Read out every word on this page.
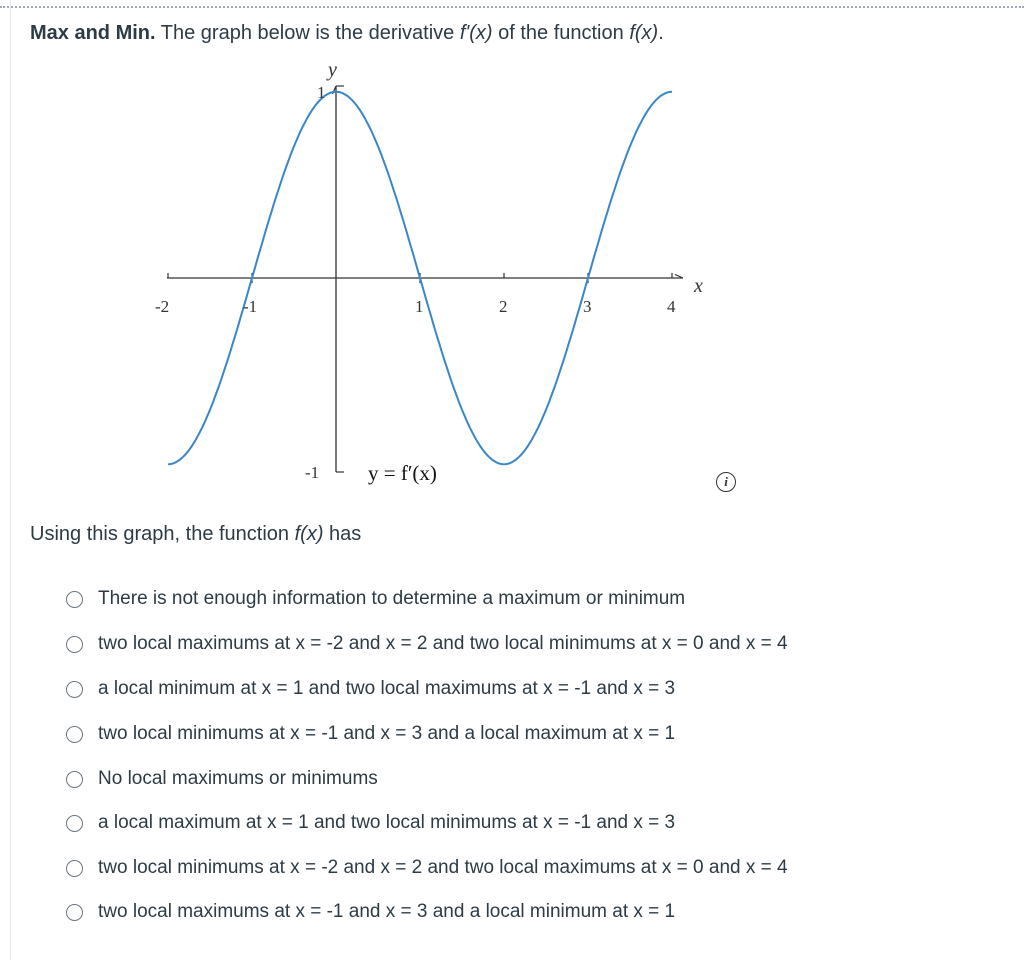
Max and Min. The graph below is the derivative f'(x) of the function f(x).
y
x
-2	-1	1	2	3	4
1
-1 y = f′(x)	i
Using this graph, the function f(x) has
There is not enough information to determine a maximum or minimum
two local maximums at x = -2 and x = 2 and two local minimums at x = 0 and x = 4
a local minimum at x = 1 and two local maximums at x = -1 and x = 3
two local minimums at x = -1 and x = 3 and a local maximum at x = 1
No local maximums or minimums
a local maximum at x = 1 and two local minimums at x = -1 and x = 3
two local minimums at x = -2 and x = 2 and two local maximums at x = 0 and x = 4
two local maximums at x = -1 and x = 3 and a local minimum at x = 1
